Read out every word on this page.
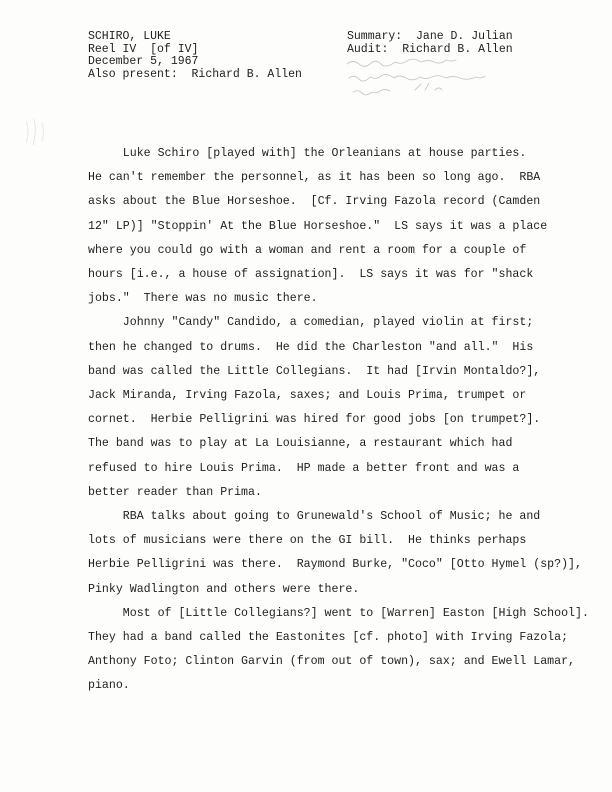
SCHIRO, LUKE
Reel IV  [of IV]
December 5, 1967
Also present:  Richard B. Allen
Summary:  Jane D. Julian
Audit:  Richard B. Allen

Luke Schiro [played with] the Orleanians at house parties.
He can't remember the personnel, as it has been so long ago.  RBA
asks about the Blue Horseshoe.  [Cf. Irving Fazola record (Camden
12" LP)] "Stoppin' At the Blue Horseshoe."  LS says it was a place
where you could go with a woman and rent a room for a couple of
hours [i.e., a house of assignation].  LS says it was for "shack
jobs."  There was no music there.

Johnny "Candy" Candido, a comedian, played violin at first;
then he changed to drums.  He did the Charleston "and all."  His
band was called the Little Collegians.  It had [Irvin Montaldo?],
Jack Miranda, Irving Fazola, saxes; and Louis Prima, trumpet or
cornet.  Herbie Pelligrini was hired for good jobs [on trumpet?].
The band was to play at La Louisianne, a restaurant which had
refused to hire Louis Prima.  HP made a better front and was a
better reader than Prima.

RBA talks about going to Grunewald's School of Music; he and
lots of musicians were there on the GI bill.  He thinks perhaps
Herbie Pelligrini was there.  Raymond Burke, "Coco" [Otto Hymel (sp?)],
Pinky Wadlington and others were there.

Most of [Little Collegians?] went to [Warren] Easton [High School].
They had a band called the Eastonites [cf. photo] with Irving Fazola;
Anthony Foto; Clinton Garvin (from out of town), sax; and Ewell Lamar,
piano.
